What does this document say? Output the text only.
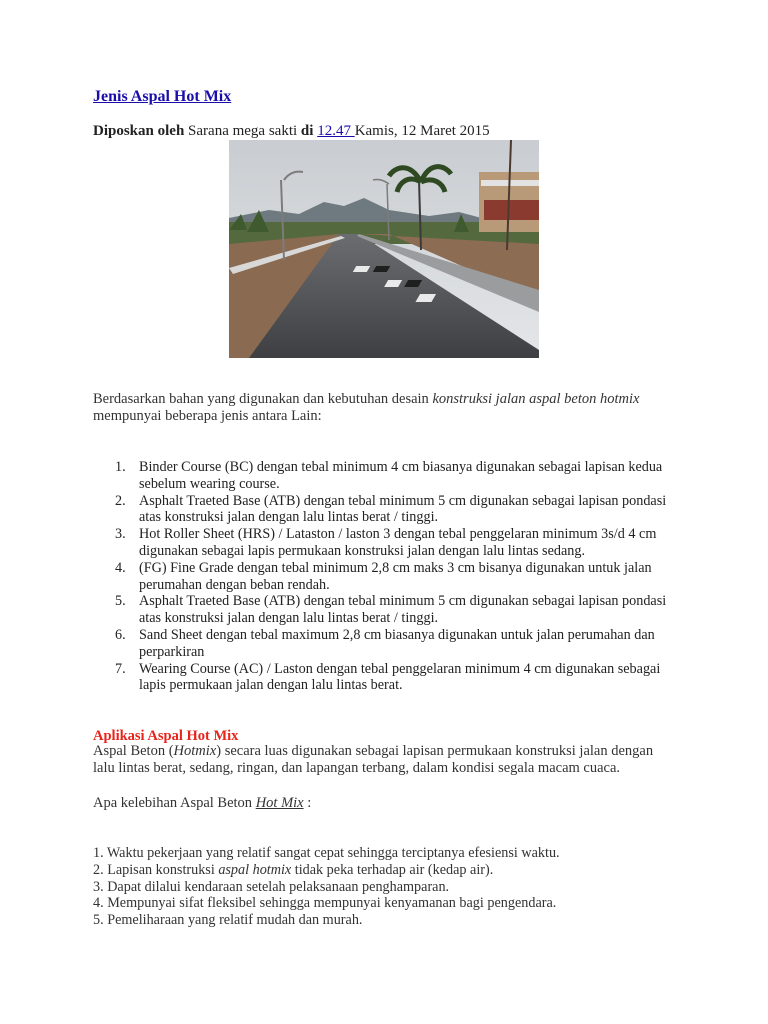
Jenis Aspal Hot Mix
Diposkan oleh Sarana mega sakti di 12.47 Kamis, 12 Maret 2015
Berdasarkan bahan yang digunakan dan kebutuhan desain konstruksi jalan aspal beton hotmix mempunyai beberapa jenis antara Lain:
1. Binder Course (BC) dengan tebal minimum 4 cm biasanya digunakan sebagai lapisan kedua sebelum wearing course.
2. Asphalt Traeted Base (ATB) dengan tebal minimum 5 cm digunakan sebagai lapisan pondasi atas konstruksi jalan dengan lalu lintas berat / tinggi.
3. Hot Roller Sheet (HRS) / Lataston / laston 3 dengan tebal penggelaran minimum 3s/d 4 cm digunakan sebagai lapis permukaan konstruksi jalan dengan lalu lintas sedang.
4. (FG) Fine Grade dengan tebal minimum 2,8 cm maks 3 cm bisanya digunakan untuk jalan perumahan dengan beban rendah.
5. Asphalt Traeted Base (ATB) dengan tebal minimum 5 cm digunakan sebagai lapisan pondasi atas konstruksi jalan dengan lalu lintas berat / tinggi.
6. Sand Sheet dengan tebal maximum 2,8 cm biasanya digunakan untuk jalan perumahan dan perparkiran
7. Wearing Course (AC) / Laston dengan tebal penggelaran minimum 4 cm digunakan sebagai lapis permukaan jalan dengan lalu lintas berat.
Aplikasi Aspal Hot Mix
Aspal Beton (Hotmix) secara luas digunakan sebagai lapisan permukaan konstruksi jalan dengan lalu lintas berat, sedang, ringan, dan lapangan terbang, dalam kondisi segala macam cuaca.
Apa kelebihan Aspal Beton Hot Mix :
1. Waktu pekerjaan yang relatif sangat cepat sehingga terciptanya efesiensi waktu.
2. Lapisan konstruksi aspal hotmix tidak peka terhadap air (kedap air).
3. Dapat dilalui kendaraan setelah pelaksanaan penghamparan.
4. Mempunyai sifat fleksibel sehingga mempunyai kenyamanan bagi pengendara.
5. Pemeliharaan yang relatif mudah dan murah.
